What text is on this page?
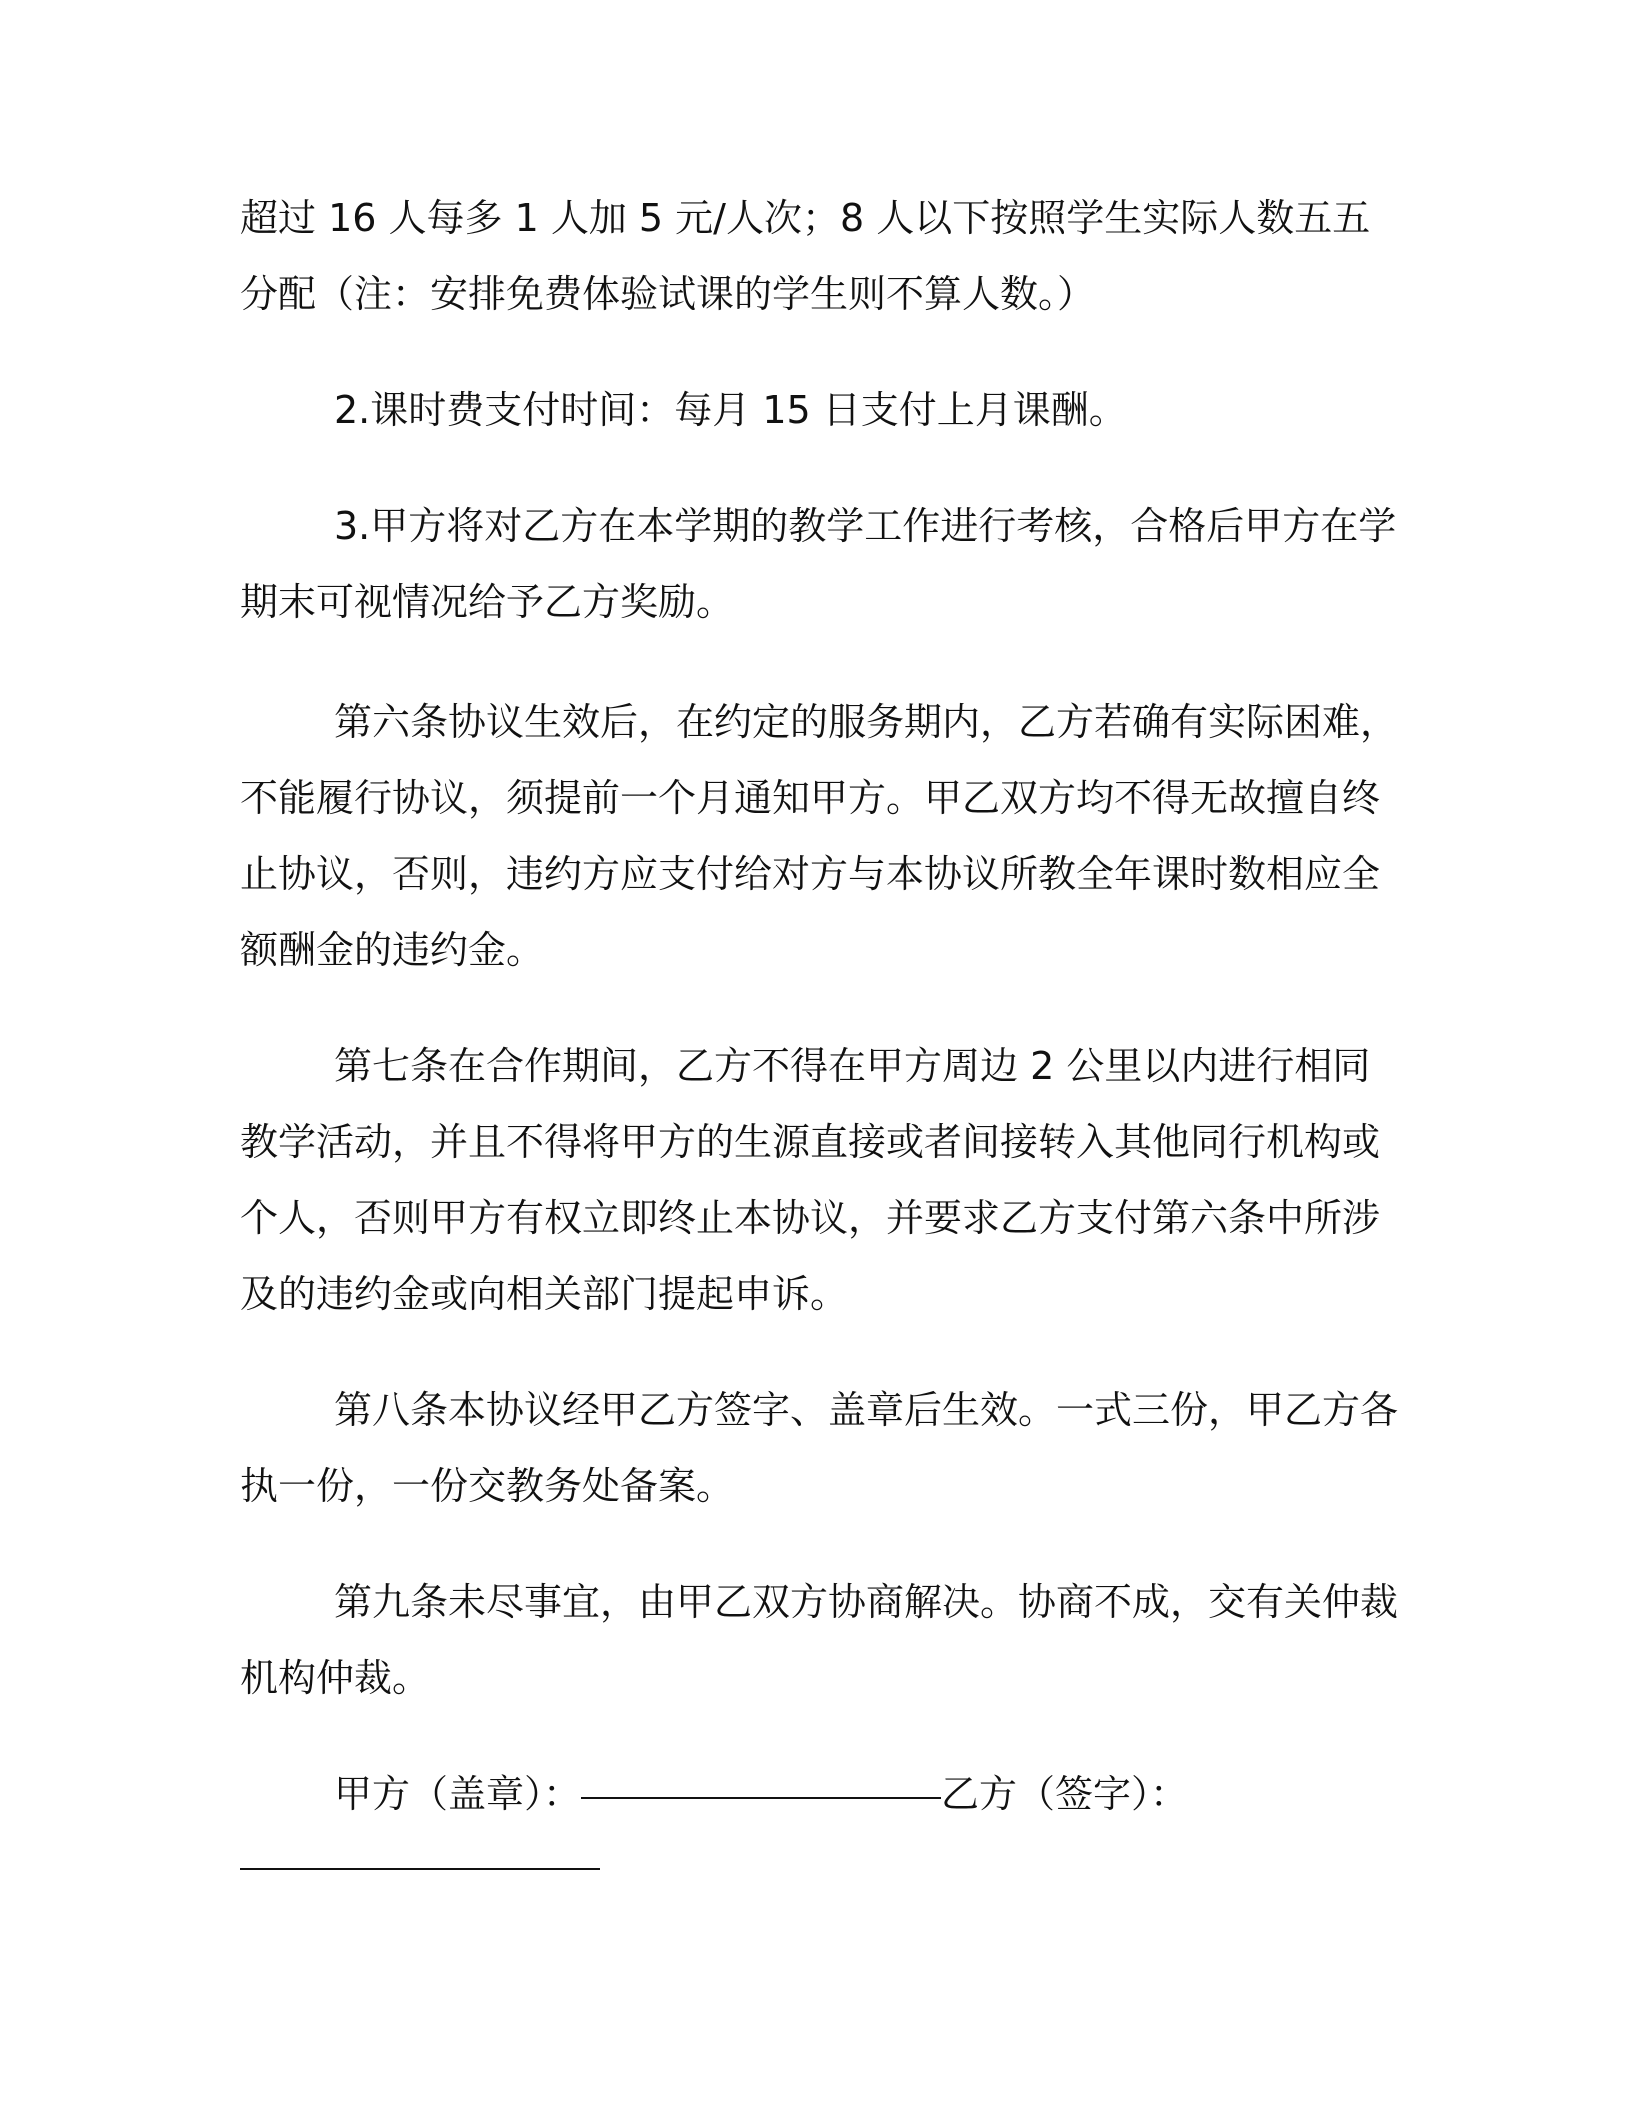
超过 16 人每多 1 人加 5 元/人次；8 人以下按照学生实际人数五五分配（注：安排免费体验试课的学生则不算人数。）

2.课时费支付时间：每月 15 日支付上月课酬。

3.甲方将对乙方在本学期的教学工作进行考核，合格后甲方在学期末可视情况给予乙方奖励。

第六条协议生效后，在约定的服务期内，乙方若确有实际困难，不能履行协议，须提前一个月通知甲方。甲乙双方均不得无故擅自终止协议，否则，违约方应支付给对方与本协议所教全年课时数相应全额酬金的违约金。

第七条在合作期间，乙方不得在甲方周边 2 公里以内进行相同教学活动，并且不得将甲方的生源直接或者间接转入其他同行机构或个人，否则甲方有权立即终止本协议，并要求乙方支付第六条中所涉及的违约金或向相关部门提起申诉。

第八条本协议经甲乙方签字、盖章后生效。一式三份，甲乙方各执一份，一份交教务处备案。

第九条未尽事宜，由甲乙双方协商解决。协商不成，交有关仲裁机构仲裁。

甲方（盖章）：	乙方（签字）：
